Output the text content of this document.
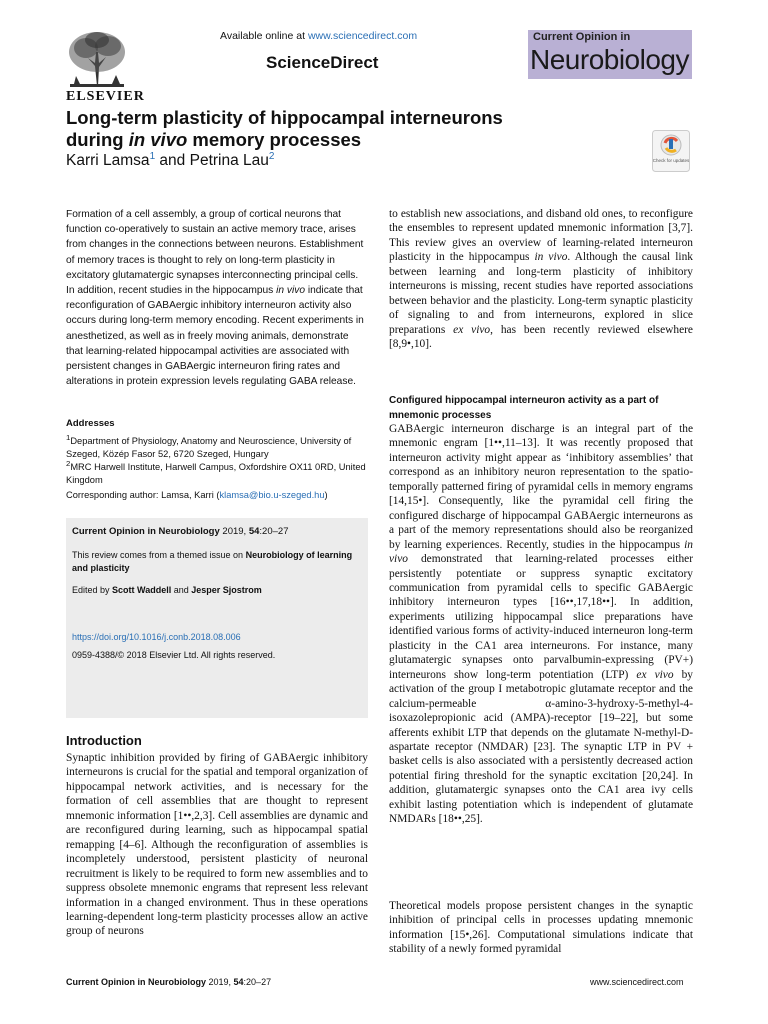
ELSEVIER
Available online at www.sciencedirect.com
ScienceDirect
Current Opinion in
Neurobiology
Long-term plasticity of hippocampal interneurons
during in vivo memory processes
Karri Lamsa$^1$ and Petrina Lau$^2$	Check for updates
Formation of a cell assembly, a group of cortical neurons that function co-operatively to sustain an active memory trace, arises from changes in the connections between neurons. Establishment of memory traces is thought to rely on long-term plasticity in excitatory glutamatergic synapses interconnecting principal cells. In addition, recent studies in the hippocampus in vivo indicate that reconfiguration of GABAergic inhibitory interneuron activity also occurs during long-term memory encoding. Recent experiments in anesthetized, as well as in freely moving animals, demonstrate that learning-related hippocampal activities are associated with persistent changes in GABAergic interneuron firing rates and alterations in protein expression levels regulating GABA release.
Addresses
$^1$Department of Physiology, Anatomy and Neuroscience, University of Szeged, Közép Fasor 52, 6720 Szeged, Hungary
$^2$MRC Harwell Institute, Harwell Campus, Oxfordshire OX11 0RD, United Kingdom
Corresponding author: Lamsa, Karri (klamsa@bio.u-szeged.hu)
Current Opinion in Neurobiology 2019, 54:20–27
This review comes from a themed issue on Neurobiology of learning and plasticity
Edited by Scott Waddell and Jesper Sjostrom
https://doi.org/10.1016/j.conb.2018.08.006
0959-4388/© 2018 Elsevier Ltd. All rights reserved.
Introduction
Synaptic inhibition provided by firing of GABAergic inhibitory interneurons is crucial for the spatial and temporal organization of hippocampal network activities, and is necessary for the formation of cell assemblies that are thought to represent mnemonic information [1••,2,3]. Cell assemblies are dynamic and are reconfigured during learning, such as hippocampal spatial remapping [4–6]. Although the reconfiguration of assemblies is incompletely understood, persistent plasticity of neuronal recruitment is likely to be required to form new assemblies and to suppress obsolete mnemonic engrams that represent less relevant information in a changed environment. Thus in these operations learning-dependent long-term plasticity processes allow an active group of neurons
to establish new associations, and disband old ones, to reconfigure the ensembles to represent updated mnemonic information [3,7]. This review gives an overview of learning-related interneuron plasticity in the hippocampus in vivo. Although the causal link between learning and long-term plasticity of inhibitory interneurons is missing, recent studies have reported associations between behavior and the plasticity. Long-term synaptic plasticity of signaling to and from interneurons, explored in slice preparations ex vivo, has been recently reviewed elsewhere [8,9•,10].
Configured hippocampal interneuron activity as a part of mnemonic processes
GABAergic interneuron discharge is an integral part of the mnemonic engram [1••,11–13]. It was recently proposed that interneuron activity might appear as ‘inhibitory assemblies’ that correspond as an inhibitory neuron representation to the spatio-temporally patterned firing of pyramidal cells in memory engrams [14,15•]. Consequently, like the pyramidal cell firing the configured discharge of hippocampal GABAergic interneurons as a part of the memory representations should also be reorganized by learning experiences. Recently, studies in the hippocampus in vivo demonstrated that learning-related processes either persistently potentiate or suppress synaptic excitatory communication from pyramidal cells to specific GABAergic inhibitory interneuron types [16••,17,18••]. In addition, experiments utilizing hippocampal slice preparations have identified various forms of activity-induced interneuron long-term plasticity in the CA1 area interneurons. For instance, many glutamatergic synapses onto parvalbumin-expressing (PV+) interneurons show long-term potentiation (LTP) ex vivo by activation of the group I metabotropic glutamate receptor and the calcium-permeable α-amino-3-hydroxy-5-methyl-4-isoxazolepropionic acid (AMPA)-receptor [19–22], but some afferents exhibit LTP that depends on the glutamate N-methyl-D-aspartate receptor (NMDAR) [23]. The synaptic LTP in PV + basket cells is also associated with a persistently decreased action potential firing threshold for the synaptic excitation [20,24]. In addition, glutamatergic synapses onto the CA1 area ivy cells exhibit lasting potentiation which is independent of glutamate NMDARs [18••,25].
Theoretical models propose persistent changes in the synaptic inhibition of principal cells in processes updating mnemonic information [15•,26]. Computational simulations indicate that stability of a newly formed pyramidal
Current Opinion in Neurobiology 2019, 54:20–27	www.sciencedirect.com
